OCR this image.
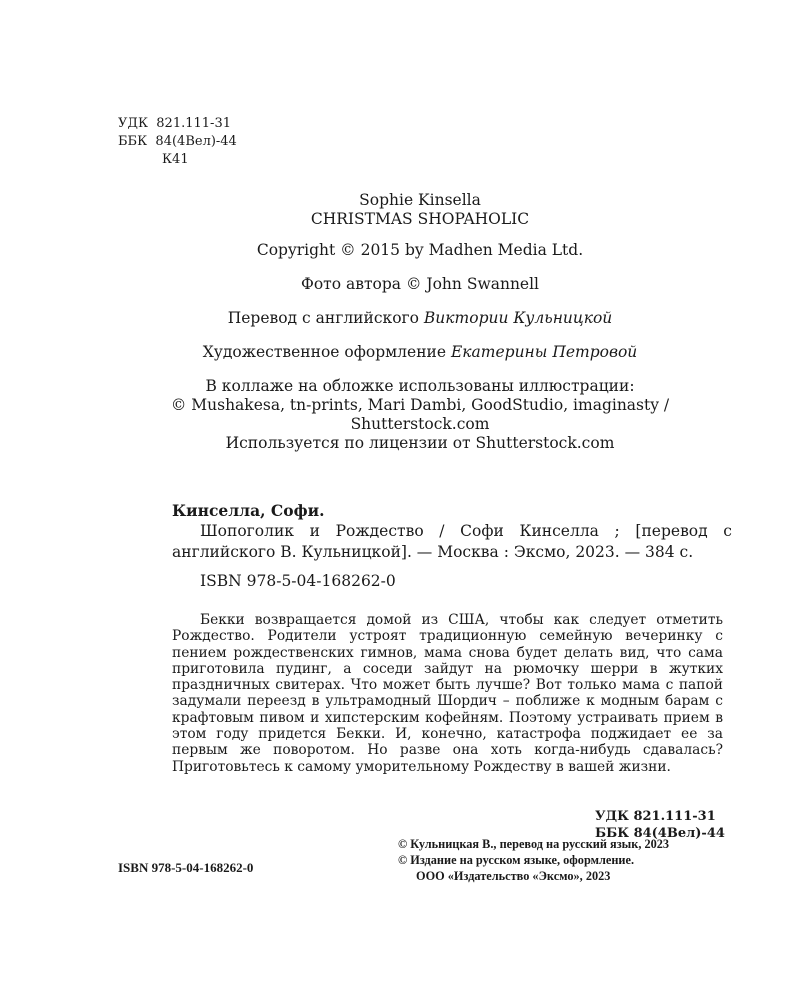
УДК  821.111-31
ББК  84(4Вел)-44
К41
Sophie Kinsella
CHRISTMAS SHOPAHOLIC
Copyright © 2015 by Madhen Media Ltd.
Фото автора © John Swannell
Перевод с английского Виктории Кульницкой
Художественное оформление Екатерины Петровой
В коллаже на обложке использованы иллюстрации:
© Mushakesa, tn-prints, Mari Dambi, GoodStudio, imaginasty /
Shutterstock.com
Используется по лицензии от Shutterstock.com
Кинселла, Софи.
Шопоголик и Рождество / Софи Кинселла ; [перевод с английского В. Кульницкой]. — Москва : Эксмо, 2023. — 384 с.
ISBN 978-5-04-168262-0
Бекки возвращается домой из США, чтобы как следует отметить Рождество. Родители устроят традиционную семейную вечеринку с пением рождественских гимнов, мама снова будет делать вид, что сама приготовила пудинг, а соседи зайдут на рюмочку шерри в жутких праздничных свитерах. Что может быть лучше? Вот только мама с папой задумали переезд в ультрамодный Шордич – поближе к модным барам с крафтовым пивом и хипстерским кофейням. Поэтому устраивать прием в этом году придется Бекки. И, конечно, катастрофа поджидает ее за первым же поворотом. Но разве она хоть когда-нибудь сдавалась? Приготовьтесь к самому уморительному Рождеству в вашей жизни.
УДК 821.111-31
ББК 84(4Вел)-44
ISBN 978-5-04-168262-0
© Кульницкая В., перевод на русский язык, 2023
© Издание на русском языке, оформление.
ООО «Издательство «Эксмо», 2023
